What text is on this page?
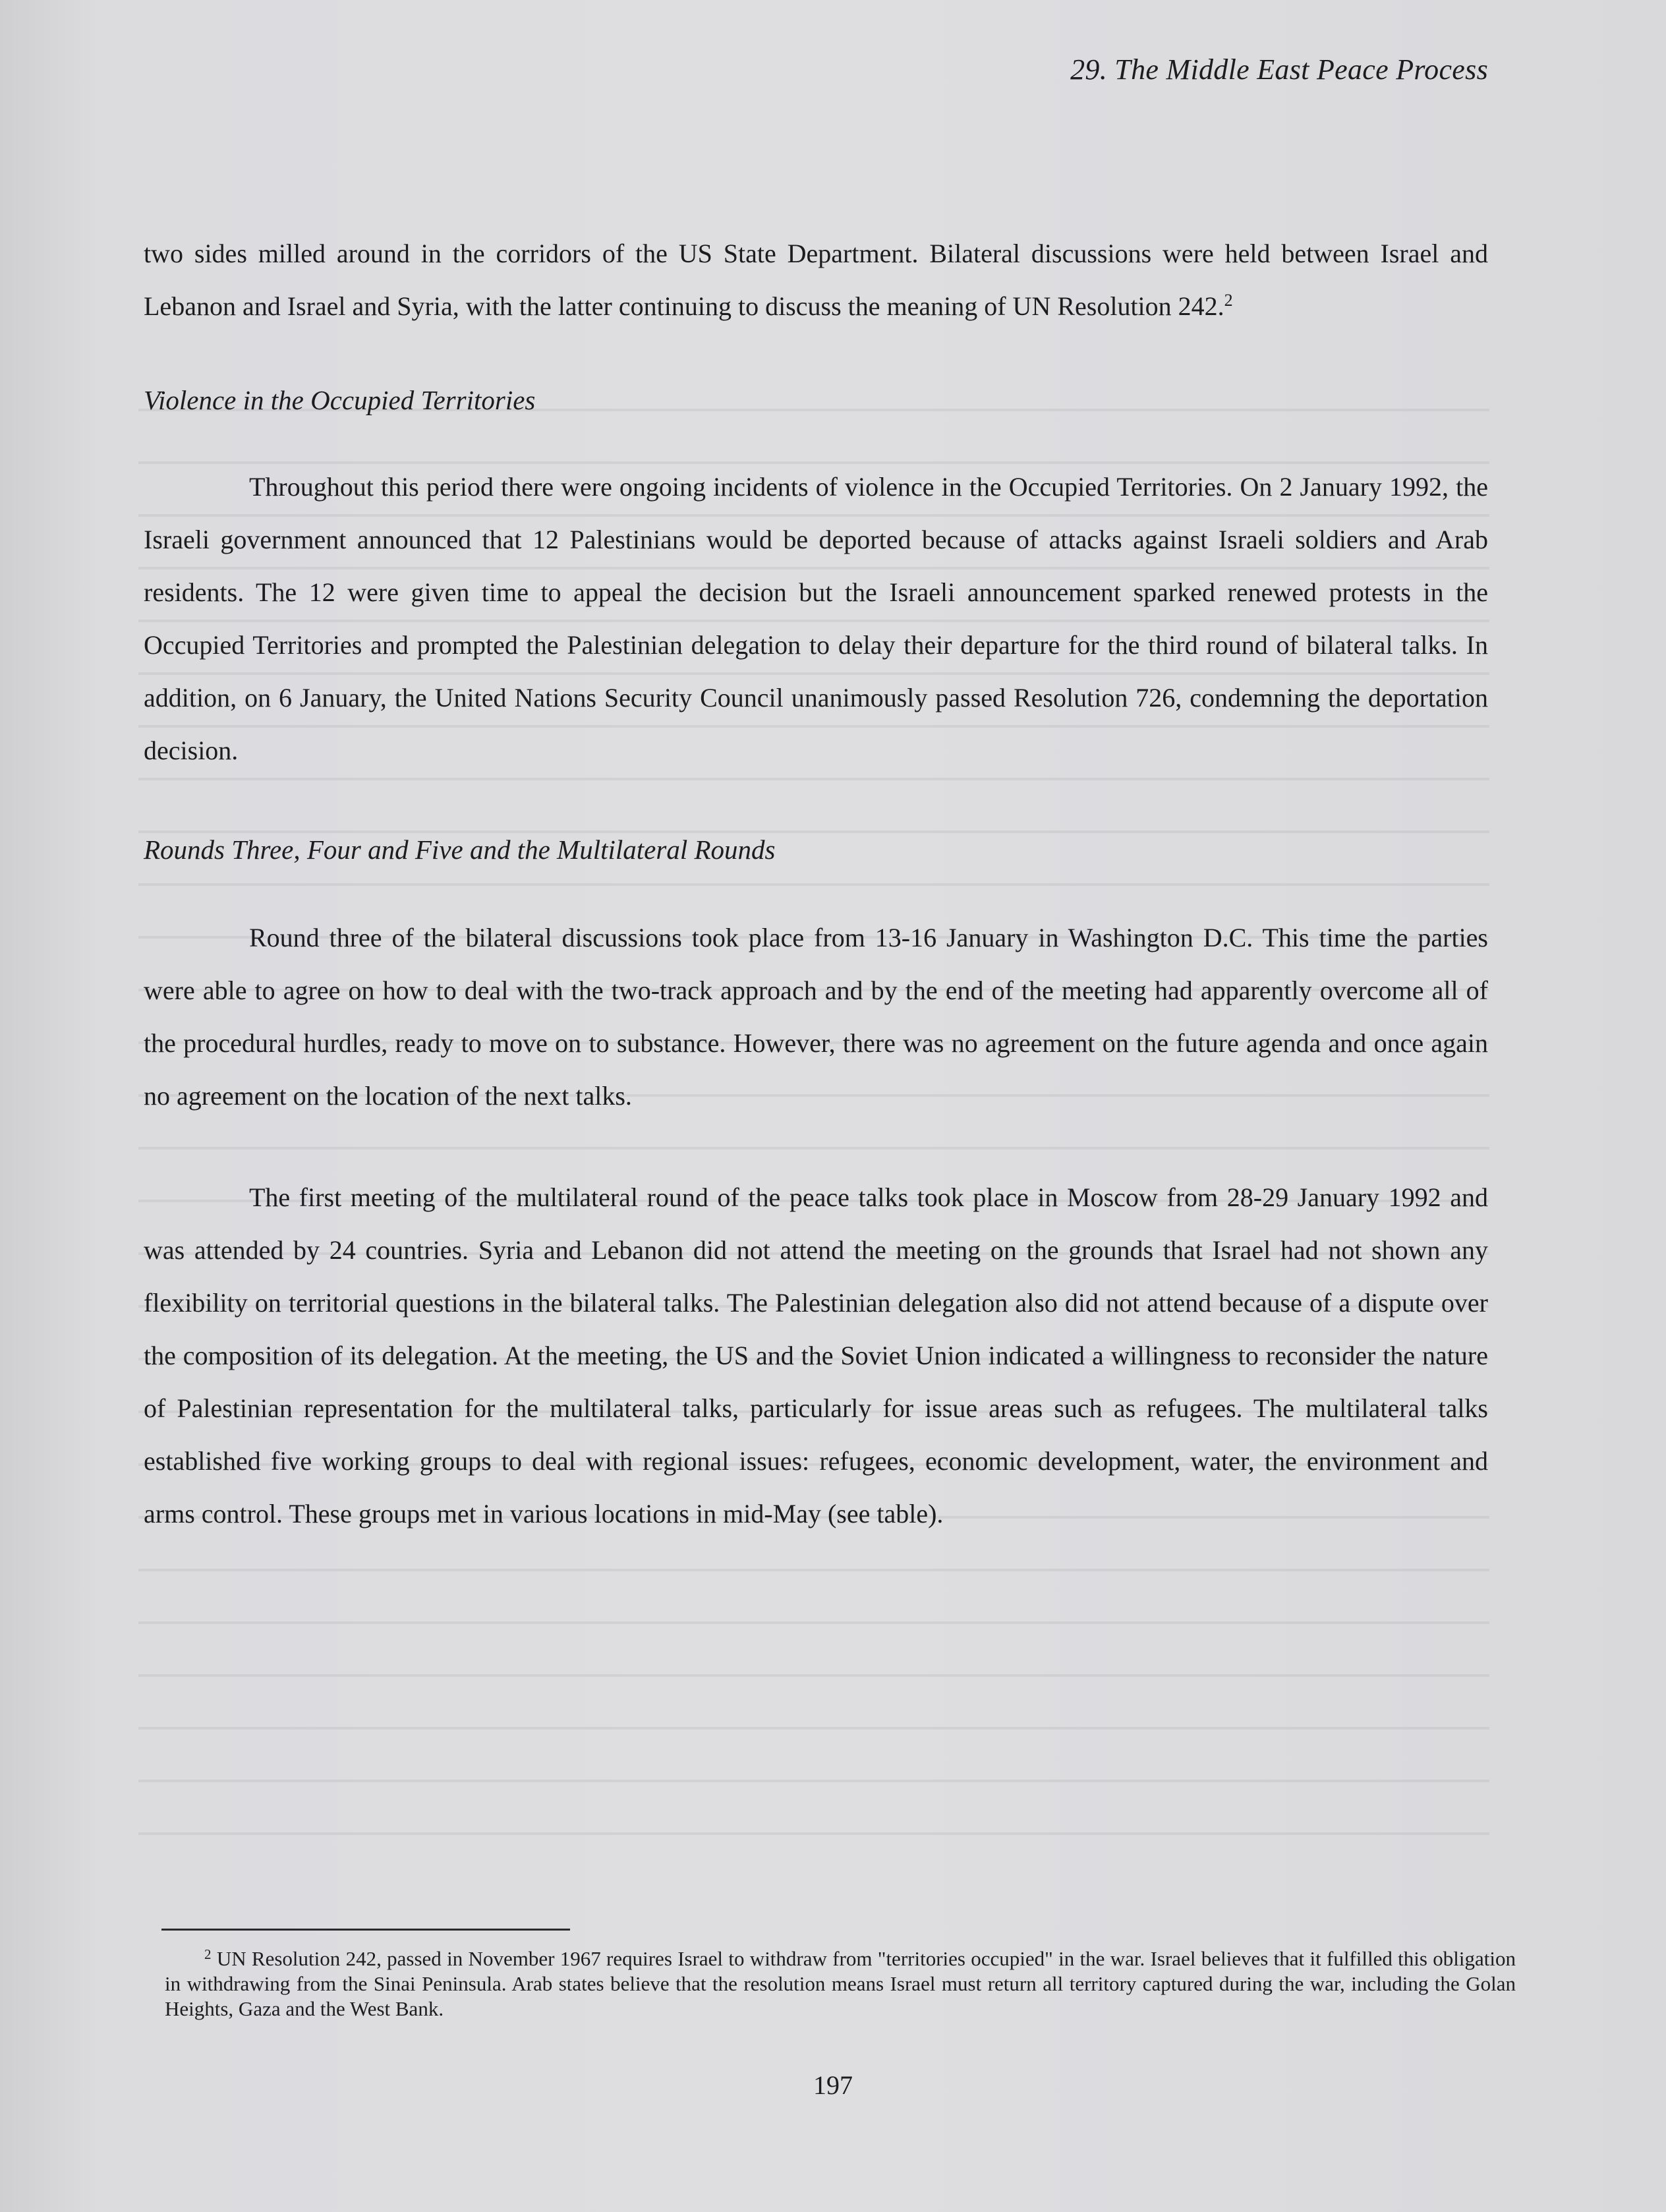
29. The Middle East Peace Process

two sides milled around in the corridors of the US State Department. Bilateral discussions were held between Israel and Lebanon and Israel and Syria, with the latter continuing to discuss the meaning of UN Resolution 242.$^2$

Violence in the Occupied Territories

Throughout this period there were ongoing incidents of violence in the Occupied Territories. On 2 January 1992, the Israeli government announced that 12 Palestinians would be deported because of attacks against Israeli soldiers and Arab residents. The 12 were given time to appeal the decision but the Israeli announcement sparked renewed protests in the Occupied Territories and prompted the Palestinian delegation to delay their departure for the third round of bilateral talks. In addition, on 6 January, the United Nations Security Council unanimously passed Resolution 726, condemning the deportation decision.

Rounds Three, Four and Five and the Multilateral Rounds

Round three of the bilateral discussions took place from 13-16 January in Washington D.C. This time the parties were able to agree on how to deal with the two-track approach and by the end of the meeting had apparently overcome all of the procedural hurdles, ready to move on to substance. However, there was no agreement on the future agenda and once again no agreement on the location of the next talks.

The first meeting of the multilateral round of the peace talks took place in Moscow from 28-29 January 1992 and was attended by 24 countries. Syria and Lebanon did not attend the meeting on the grounds that Israel had not shown any flexibility on territorial questions in the bilateral talks. The Palestinian delegation also did not attend because of a dispute over the composition of its delegation. At the meeting, the US and the Soviet Union indicated a willingness to reconsider the nature of Palestinian representation for the multilateral talks, particularly for issue areas such as refugees. The multilateral talks established five working groups to deal with regional issues: refugees, economic development, water, the environment and arms control. These groups met in various locations in mid-May (see table).

$^2$ UN Resolution 242, passed in November 1967 requires Israel to withdraw from "territories occupied" in the war. Israel believes that it fulfilled this obligation in withdrawing from the Sinai Peninsula. Arab states believe that the resolution means Israel must return all territory captured during the war, including the Golan Heights, Gaza and the West Bank.
197
